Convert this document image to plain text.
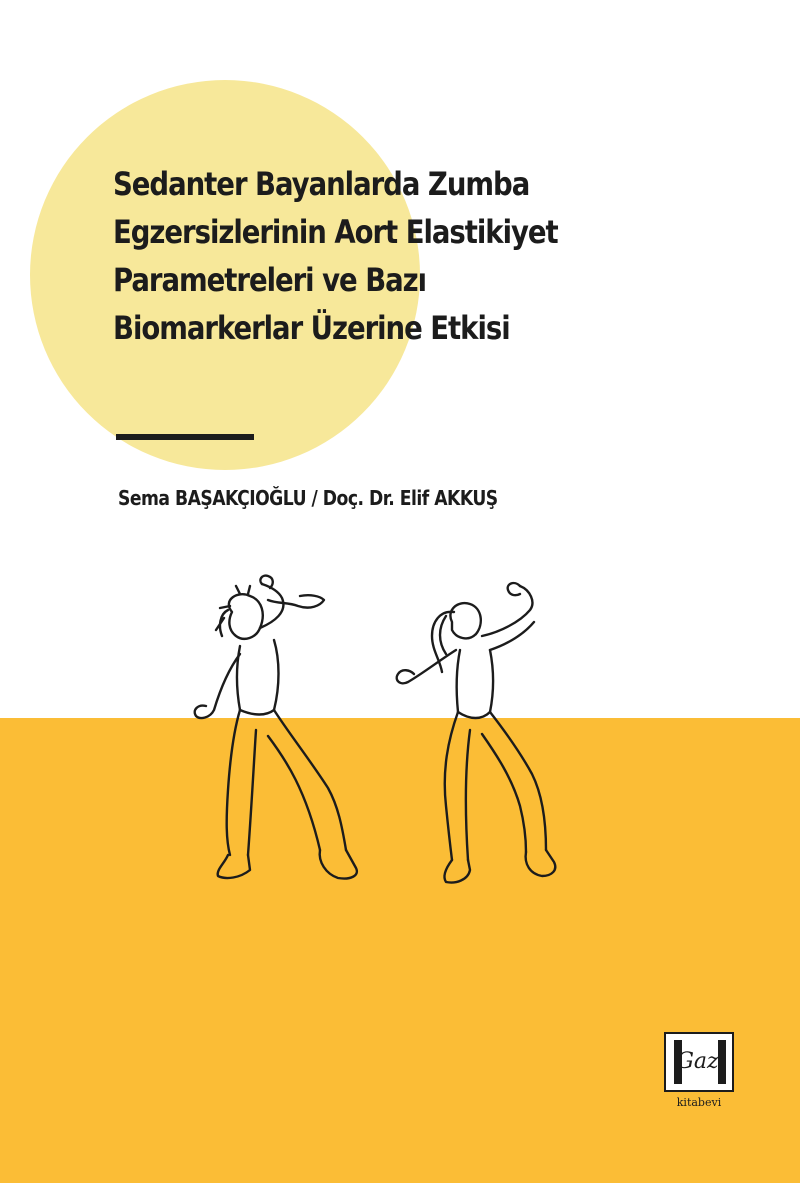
Sedanter Bayanlarda Zumba
Egzersizlerinin Aort Elastikiyet
Parametreleri ve Bazı
Biomarkerlar Üzerine Etkisi

Sema BAŞAKÇIOĞLU / Doç. Dr. Elif AKKUŞ

Gazi
kitabevi
